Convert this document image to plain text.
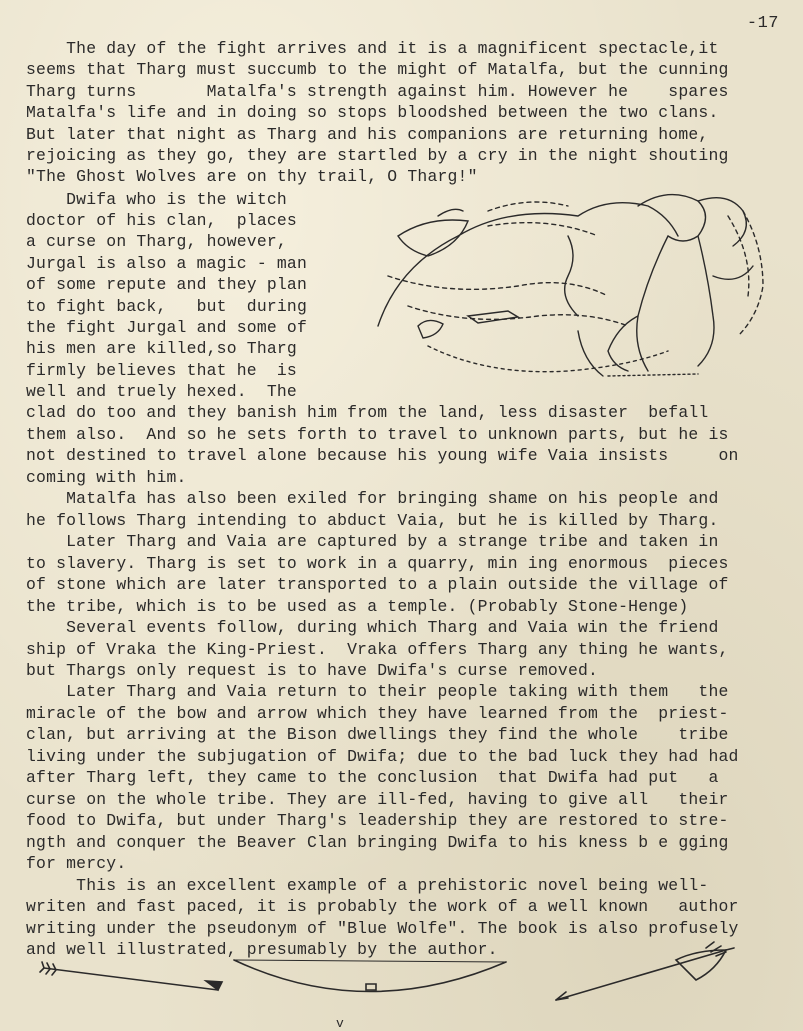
-17
The day of the fight arrives and it is a magnificent spectacle,it
seems that Tharg must succumb to the might of Matalfa, but the cunning
Tharg turns       Matalfa's strength against him. However he    spares
Matalfa's life and in doing so stops bloodshed between the two clans.
But later that night as Tharg and his companions are returning home,
rejoicing as they go, they are startled by a cry in the night shouting
"The Ghost Wolves are on thy trail, O Tharg!"
Dwifa who is the witch
doctor of his clan,  places
a curse on Tharg, however,
Jurgal is also a magic - man
of some repute and they plan
to fight back,   but  during
the fight Jurgal and some of
his men are killed,so Tharg
firmly believes that he  is
well and truely hexed.  The
clad do too and they banish him from the land, less disaster  befall
them also.  And so he sets forth to travel to unknown parts, but he is
not destined to travel alone because his young wife Vaia insists     on
coming with him.
Matalfa has also been exiled for bringing shame on his people and
he follows Tharg intending to abduct Vaia, but he is killed by Tharg.
Later Tharg and Vaia are captured by a strange tribe and taken in
to slavery. Tharg is set to work in a quarry, min ing enormous  pieces
of stone which are later transported to a plain outside the village of
the tribe, which is to be used as a temple. (Probably Stone-Henge)
Several events follow, during which Tharg and Vaia win the friend
ship of Vraka the King-Priest.  Vraka offers Tharg any thing he wants,
but Thargs only request is to have Dwifa's curse removed.
Later Tharg and Vaia return to their people taking with them   the
miracle of the bow and arrow which they have learned from the  priest-
clan, but arriving at the Bison dwellings they find the whole    tribe
living under the subjugation of Dwifa; due to the bad luck they had had
after Tharg left, they came to the conclusion  that Dwifa had put   a
curse on the whole tribe. They are ill-fed, having to give all   their
food to Dwifa, but under Tharg's leadership they are restored to stre-
ngth and conquer the Beaver Clan bringing Dwifa to his kness b e gging
for mercy.
This is an excellent example of a prehistoric novel being well-
writen and fast paced, it is probably the work of a well known   author
writing under the pseudonym of "Blue Wolfe". The book is also profusely
and well illustrated, presumably by the author.
v
